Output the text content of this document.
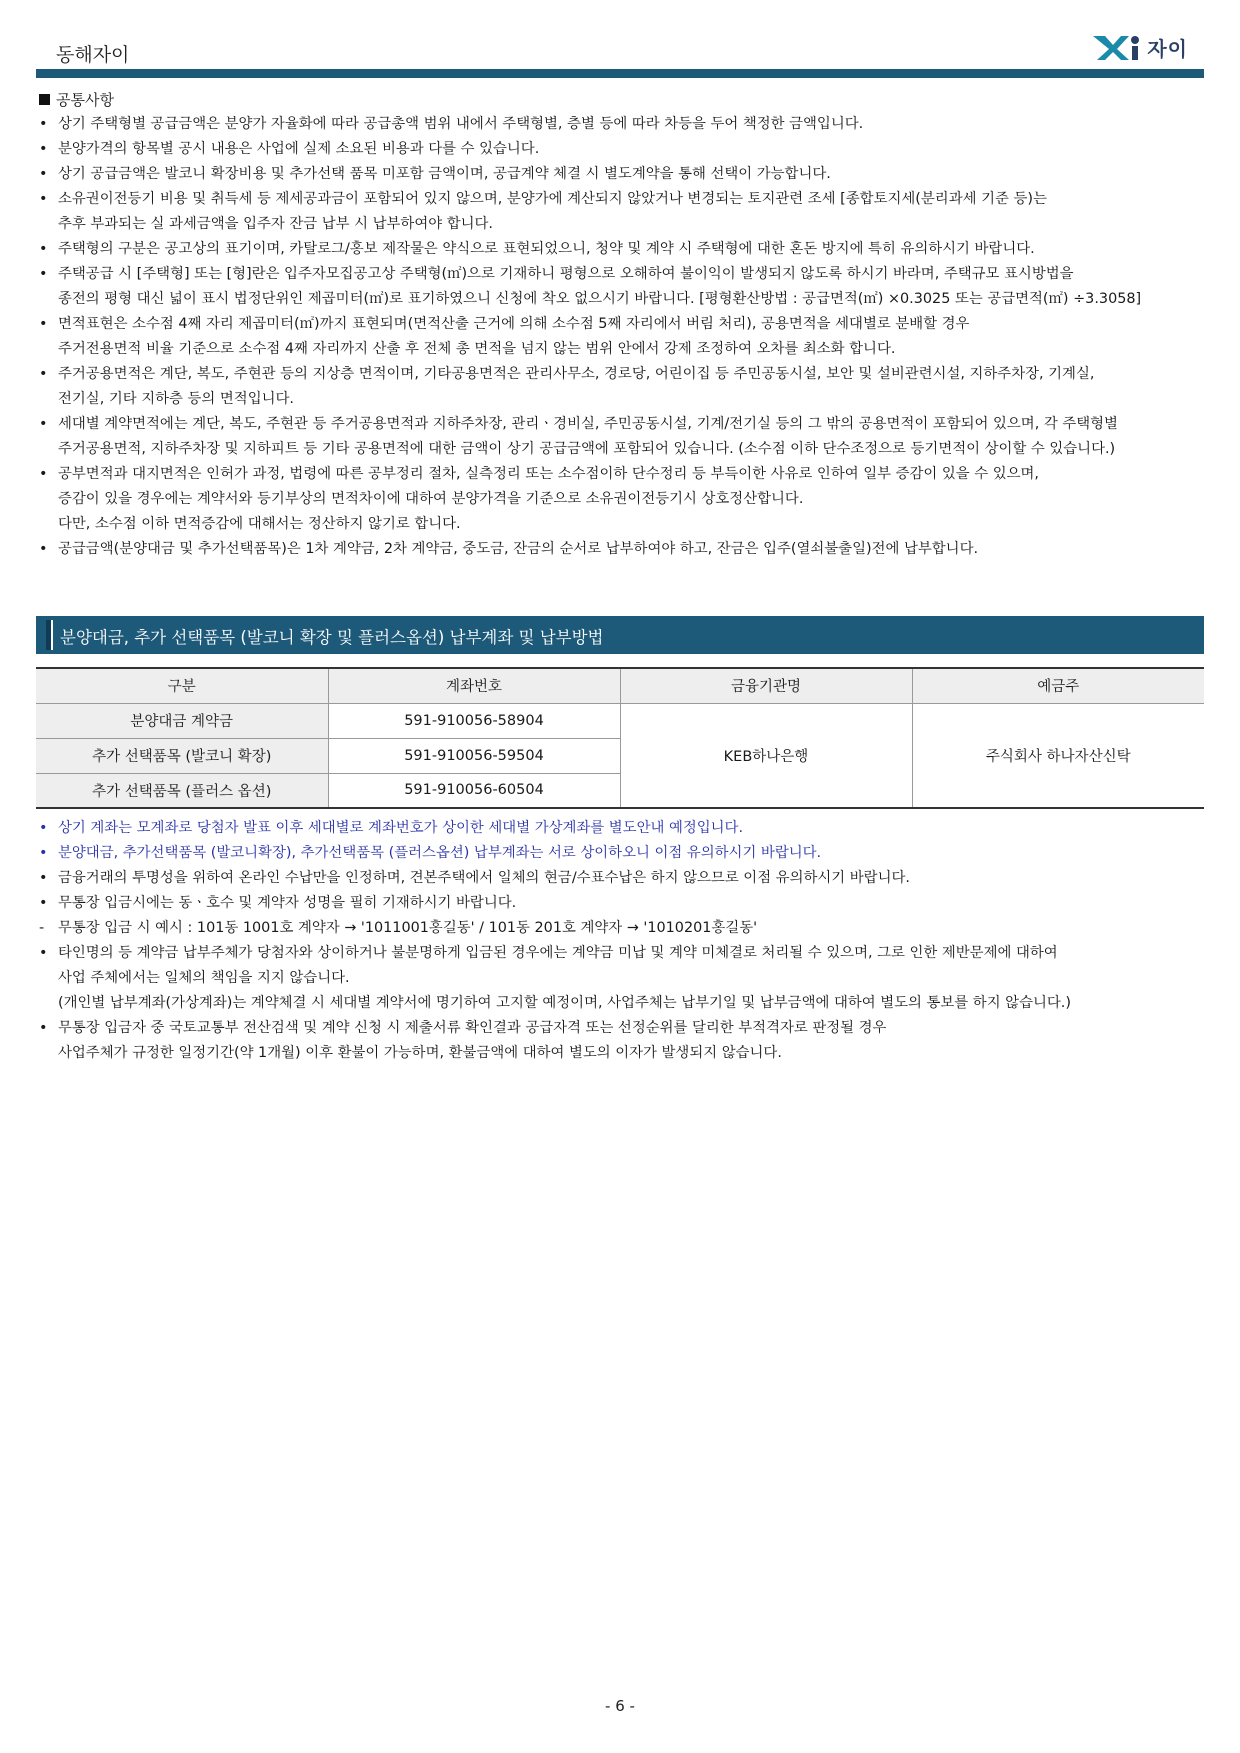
동해자이	자이
공통사항
• 상기 주택형별 공급금액은 분양가 자율화에 따라 공급총액 범위 내에서 주택형별, 층별 등에 따라 차등을 두어 책정한 금액입니다.
• 분양가격의 항목별 공시 내용은 사업에 실제 소요된 비용과 다를 수 있습니다.
• 상기 공급금액은 발코니 확장비용 및 추가선택 품목 미포함 금액이며, 공급계약 체결 시 별도계약을 통해 선택이 가능합니다.
• 소유권이전등기 비용 및 취득세 등 제세공과금이 포함되어 있지 않으며, 분양가에 계산되지 않았거나 변경되는 토지관련 조세 [종합토지세(분리과세 기준 등)는
추후 부과되는 실 과세금액을 입주자 잔금 납부 시 납부하여야 합니다.
• 주택형의 구분은 공고상의 표기이며, 카탈로그/홍보 제작물은 약식으로 표현되었으니, 청약 및 계약 시 주택형에 대한 혼돈 방지에 특히 유의하시기 바랍니다.
• 주택공급 시 [주택형] 또는 [형]란은 입주자모집공고상 주택형(㎡)으로 기재하니 평형으로 오해하여 불이익이 발생되지 않도록 하시기 바라며, 주택규모 표시방법을
종전의 평형 대신 넓이 표시 법정단위인 제곱미터(㎡)로 표기하였으니 신청에 착오 없으시기 바랍니다. [평형환산방법 : 공급면적(㎡) ×0.3025 또는 공급면적(㎡) ÷3.3058]
• 면적표현은 소수점 4째 자리 제곱미터(㎡)까지 표현되며(면적산출 근거에 의해 소수점 5째 자리에서 버림 처리), 공용면적을 세대별로 분배할 경우
주거전용면적 비율 기준으로 소수점 4째 자리까지 산출 후 전체 총 면적을 넘지 않는 범위 안에서 강제 조정하여 오차를 최소화 합니다.
• 주거공용면적은 계단, 복도, 주현관 등의 지상층 면적이며, 기타공용면적은 관리사무소, 경로당, 어린이집 등 주민공동시설, 보안 및 설비관련시설, 지하주차장, 기계실,
전기실, 기타 지하층 등의 면적입니다.
• 세대별 계약면적에는 계단, 복도, 주현관 등 주거공용면적과 지하주차장, 관리ㆍ경비실, 주민공동시설, 기계/전기실 등의 그 밖의 공용면적이 포함되어 있으며, 각 주택형별
주거공용면적, 지하주차장 및 지하피트 등 기타 공용면적에 대한 금액이 상기 공급금액에 포함되어 있습니다. (소수점 이하 단수조정으로 등기면적이 상이할 수 있습니다.)
• 공부면적과 대지면적은 인허가 과정, 법령에 따른 공부정리 절차, 실측정리 또는 소수점이하 단수정리 등 부득이한 사유로 인하여 일부 증감이 있을 수 있으며,
증감이 있을 경우에는 계약서와 등기부상의 면적차이에 대하여 분양가격을 기준으로 소유권이전등기시 상호정산합니다.
다만, 소수점 이하 면적증감에 대해서는 정산하지 않기로 합니다.
• 공급금액(분양대금 및 추가선택품목)은 1차 계약금, 2차 계약금, 중도금, 잔금의 순서로 납부하여야 하고, 잔금은 입주(열쇠불출일)전에 납부합니다.
분양대금, 추가 선택품목 (발코니 확장 및 플러스옵션) 납부계좌 및 납부방법
구분	계좌번호	금융기관명	예금주
분양대금 계약금	591-910056-58904	KEB하나은행	주식회사 하나자산신탁
추가 선택품목 (발코니 확장)	591-910056-59504		
추가 선택품목 (플러스 옵션)	591-910056-60504		
• 상기 계좌는 모계좌로 당첨자 발표 이후 세대별로 계좌번호가 상이한 세대별 가상계좌를 별도안내 예정입니다.
• 분양대금, 추가선택품목 (발코니확장), 추가선택품목 (플러스옵션) 납부계좌는 서로 상이하오니 이점 유의하시기 바랍니다.
• 금융거래의 투명성을 위하여 온라인 수납만을 인정하며, 견본주택에서 일체의 현금/수표수납은 하지 않으므로 이점 유의하시기 바랍니다.
• 무통장 입금시에는 동ㆍ호수 및 계약자 성명을 필히 기재하시기 바랍니다.
- 무통장 입금 시 예시 : 101동 1001호 계약자 → '1011001홍길동' / 101동 201호 계약자 → '1010201홍길동'
• 타인명의 등 계약금 납부주체가 당첨자와 상이하거나 불분명하게 입금된 경우에는 계약금 미납 및 계약 미체결로 처리될 수 있으며, 그로 인한 제반문제에 대하여
사업 주체에서는 일체의 책임을 지지 않습니다.
(개인별 납부계좌(가상계좌)는 계약체결 시 세대별 계약서에 명기하여 고지할 예정이며, 사업주체는 납부기일 및 납부금액에 대하여 별도의 통보를 하지 않습니다.)
• 무통장 입금자 중 국토교통부 전산검색 및 계약 신청 시 제출서류 확인결과 공급자격 또는 선정순위를 달리한 부적격자로 판정될 경우
사업주체가 규정한 일정기간(약 1개월) 이후 환불이 가능하며, 환불금액에 대하여 별도의 이자가 발생되지 않습니다.
- 6 -
